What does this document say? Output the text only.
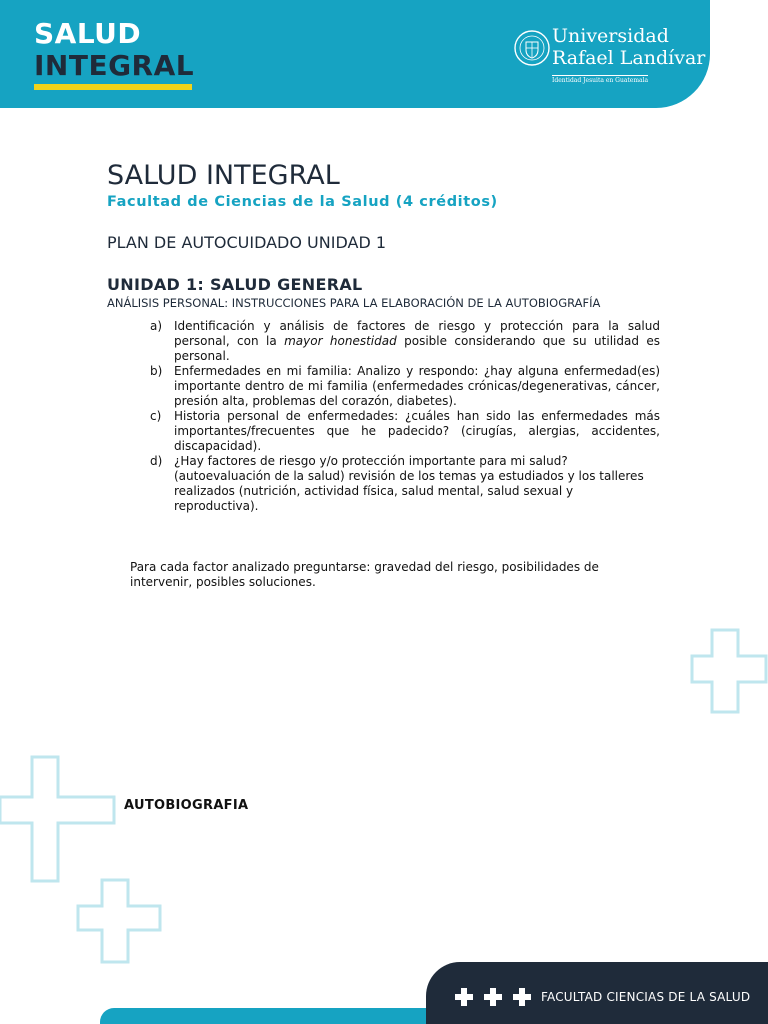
SALUD
INTEGRAL
Universidad
Rafael Landívar
Identidad Jesuita en Guatemala
SALUD INTEGRAL
Facultad de Ciencias de la Salud (4 créditos)
PLAN DE AUTOCUIDADO UNIDAD 1
UNIDAD 1: SALUD GENERAL
ANÁLISIS PERSONAL: INSTRUCCIONES PARA LA ELABORACIÓN DE LA AUTOBIOGRAFÍA
a) Identificación y análisis de factores de riesgo y protección para la salud personal, con la mayor honestidad posible considerando que su utilidad es personal.
b) Enfermedades en mi familia: Analizo y respondo: ¿hay alguna enfermedad(es) importante dentro de mi familia (enfermedades crónicas/degenerativas, cáncer, presión alta, problemas del corazón, diabetes).
c) Historia personal de enfermedades: ¿cuáles han sido las enfermedades más importantes/frecuentes que he padecido? (cirugías, alergias, accidentes, discapacidad).
d) ¿Hay factores de riesgo y/o protección importante para mi salud? (autoevaluación de la salud) revisión de los temas ya estudiados y los talleres realizados (nutrición, actividad física, salud mental, salud sexual y reproductiva).
Para cada factor analizado preguntarse: gravedad del riesgo, posibilidades de intervenir, posibles soluciones.
AUTOBIOGRAFIA
FACULTAD CIENCIAS DE LA SALUD
